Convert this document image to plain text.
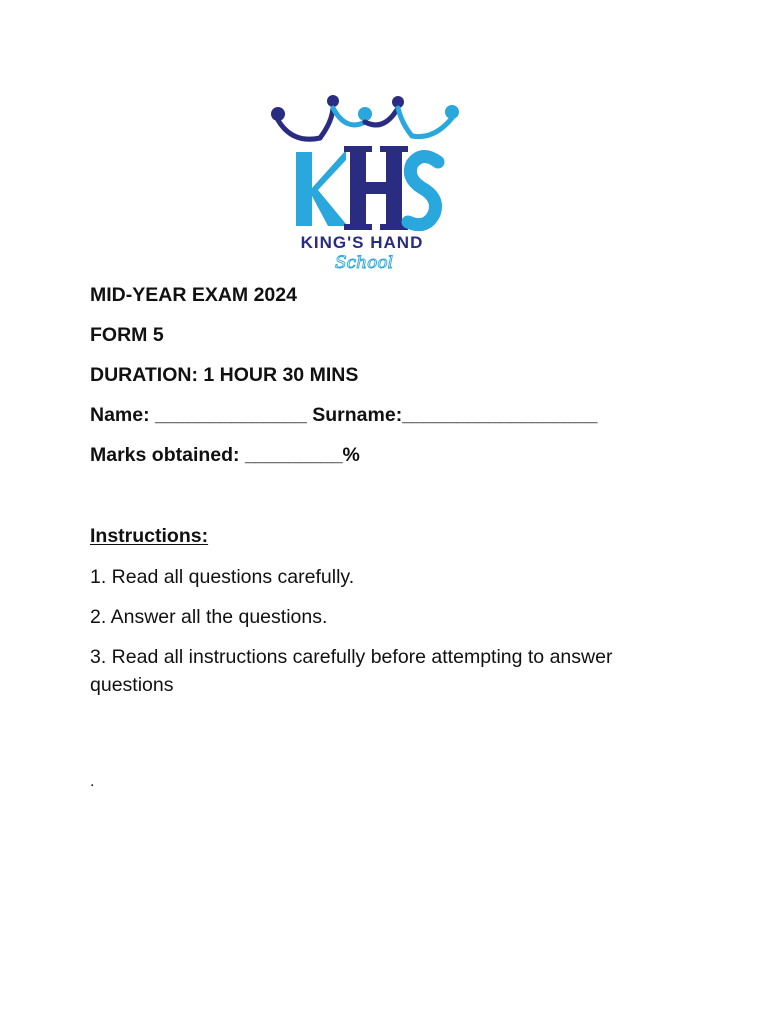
KING'S HAND
School
MID-YEAR EXAM 2024
FORM 5
DURATION: 1 HOUR 30 MINS
Name: ______________ Surname:__________________
Marks obtained: _________%
Instructions:
1. Read all questions carefully.
2. Answer all the questions.
3. Read all instructions carefully before attempting to answer questions
.
